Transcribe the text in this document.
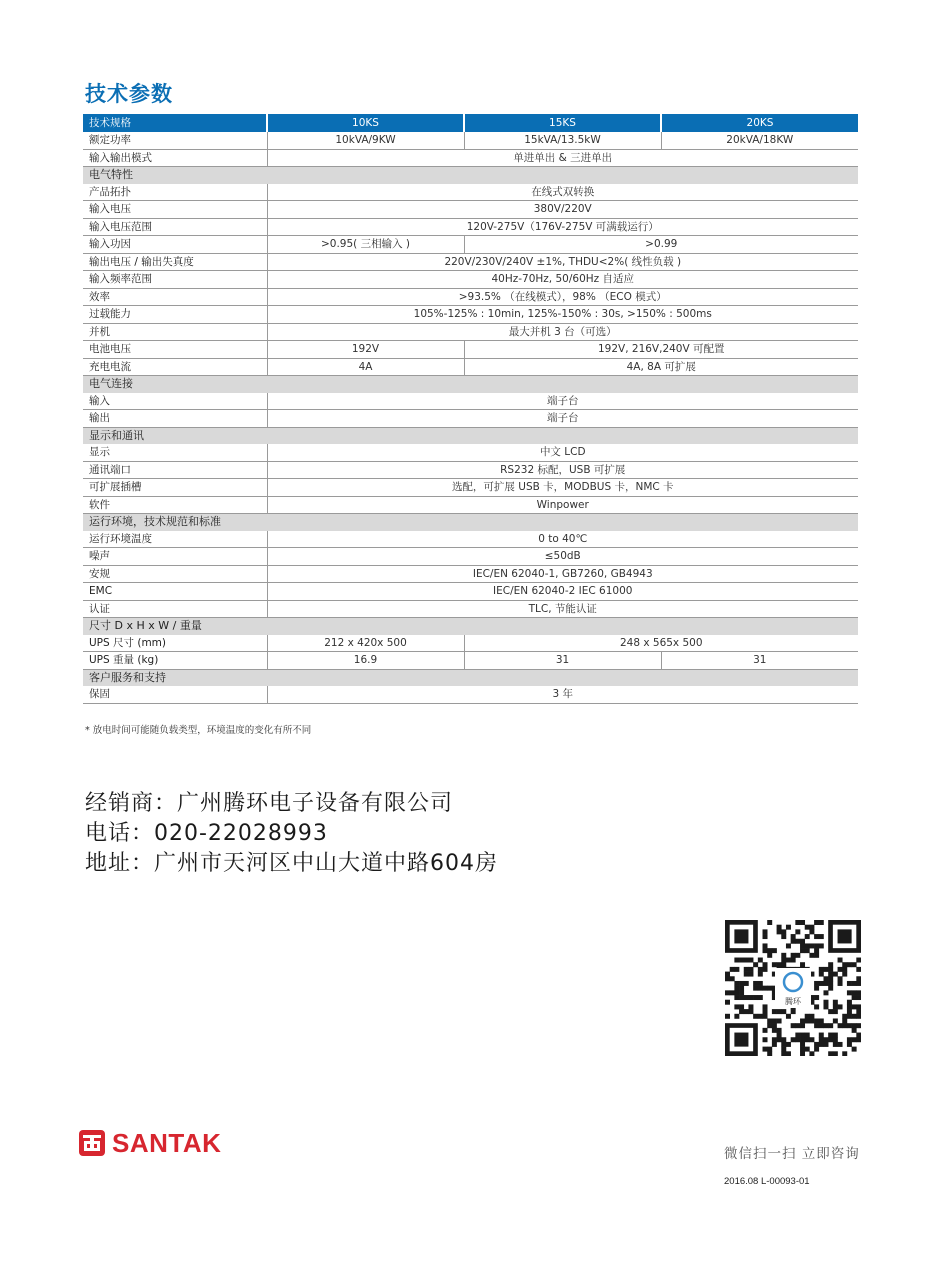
技术参数
技术规格	10KS	15KS	20KS
额定功率	10kVA/9KW	15kVA/13.5kW	20kVA/18KW
输入输出模式	单进单出 & 三进单出		
电气特性			
产品拓扑	在线式双转换		
输入电压	380V/220V		
输入电压范围	120V-275V（176V-275V 可满载运行）		
输入功因	>0.95( 三相输入 )	>0.99	
输出电压 / 输出失真度	220V/230V/240V ±1%, THDU<2%( 线性负载 )		
输入频率范围	40Hz-70Hz, 50/60Hz 自适应		
效率	>93.5% （在线模式），98% （ECO 模式）		
过载能力	105%-125% : 10min, 125%-150% : 30s, >150% : 500ms		
并机	最大并机 3 台（可选）		
电池电压	192V	192V, 216V,240V 可配置	
充电电流	4A	4A, 8A 可扩展	
电气连接			
输入	端子台		
输出	端子台		
显示和通讯			
显示	中文 LCD		
通讯端口	RS232 标配，USB 可扩展		
可扩展插槽	选配，可扩展 USB 卡，MODBUS 卡，NMC 卡		
软件	Winpower		
运行环境，技术规范和标准			
运行环境温度	0 to 40℃		
噪声	≤50dB		
安规	IEC/EN 62040-1, GB7260, GB4943		
EMC	IEC/EN 62040-2 IEC 61000		
认证	TLC, 节能认证		
尺寸 D x H x W / 重量			
UPS 尺寸 (mm)	212 x 420x 500	248 x 565x 500	
UPS 重量 (kg)	16.9	31	31
客户服务和支持			
保固	3 年		
* 放电时间可能随负载类型，环境温度的变化有所不同
经销商：广州腾环电子设备有限公司
电话：020-22028993
地址：广州市天河区中山大道中路604房
腾环
微信扫一扫 立即咨询
SANTAK
2016.08 L-00093-01
